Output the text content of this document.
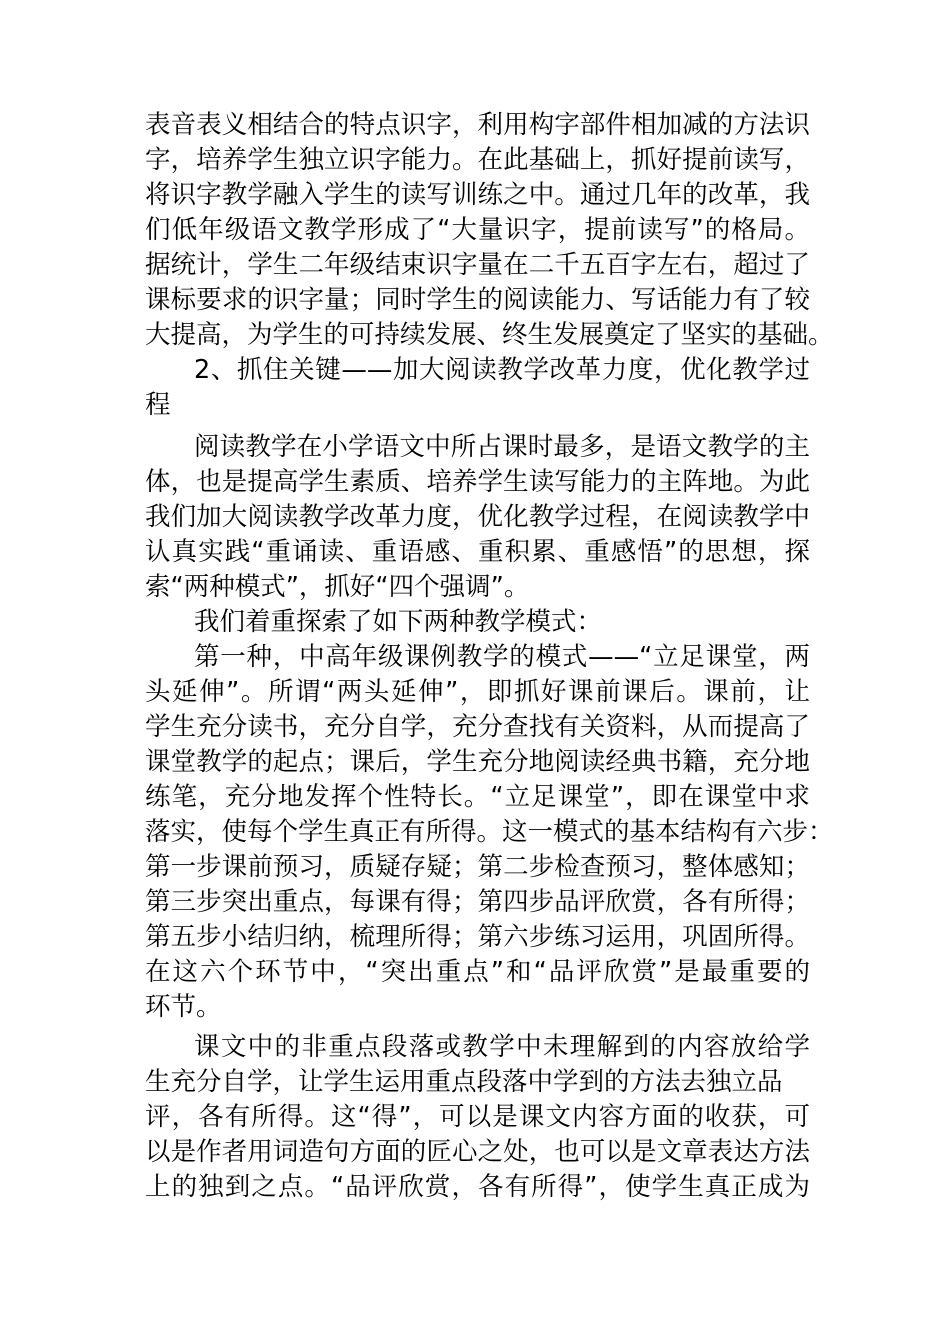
表音表义相结合的特点识字，利用构字部件相加减的方法识
字，培养学生独立识字能力。在此基础上，抓好提前读写，
将识字教学融入学生的读写训练之中。通过几年的改革，我
们低年级语文教学形成了“大量识字，提前读写”的格局。
据统计，学生二年级结束识字量在二千五百字左右，超过了
课标要求的识字量；同时学生的阅读能力、写话能力有了较
大提高，为学生的可持续发展、终生发展奠定了坚实的基础。
2、抓住关键——加大阅读教学改革力度，优化教学过
程
阅读教学在小学语文中所占课时最多，是语文教学的主
体，也是提高学生素质、培养学生读写能力的主阵地。为此
我们加大阅读教学改革力度，优化教学过程，在阅读教学中
认真实践“重诵读、重语感、重积累、重感悟”的思想，探
索“两种模式”，抓好“四个强调”。
我们着重探索了如下两种教学模式：
第一种，中高年级课例教学的模式——“立足课堂，两
头延伸”。所谓“两头延伸”，即抓好课前课后。课前，让
学生充分读书，充分自学，充分查找有关资料，从而提高了
课堂教学的起点；课后，学生充分地阅读经典书籍，充分地
练笔，充分地发挥个性特长。“立足课堂”，即在课堂中求
落实，使每个学生真正有所得。这一模式的基本结构有六步：
第一步课前预习，质疑存疑；第二步检查预习，整体感知；
第三步突出重点，每课有得；第四步品评欣赏，各有所得；
第五步小结归纳，梳理所得；第六步练习运用，巩固所得。
在这六个环节中，“突出重点”和“品评欣赏”是最重要的
环节。
课文中的非重点段落或教学中未理解到的内容放给学
生充分自学，让学生运用重点段落中学到的方法去独立品
评，各有所得。这“得”，可以是课文内容方面的收获，可
以是作者用词造句方面的匠心之处，也可以是文章表达方法
上的独到之点。“品评欣赏，各有所得”，使学生真正成为
